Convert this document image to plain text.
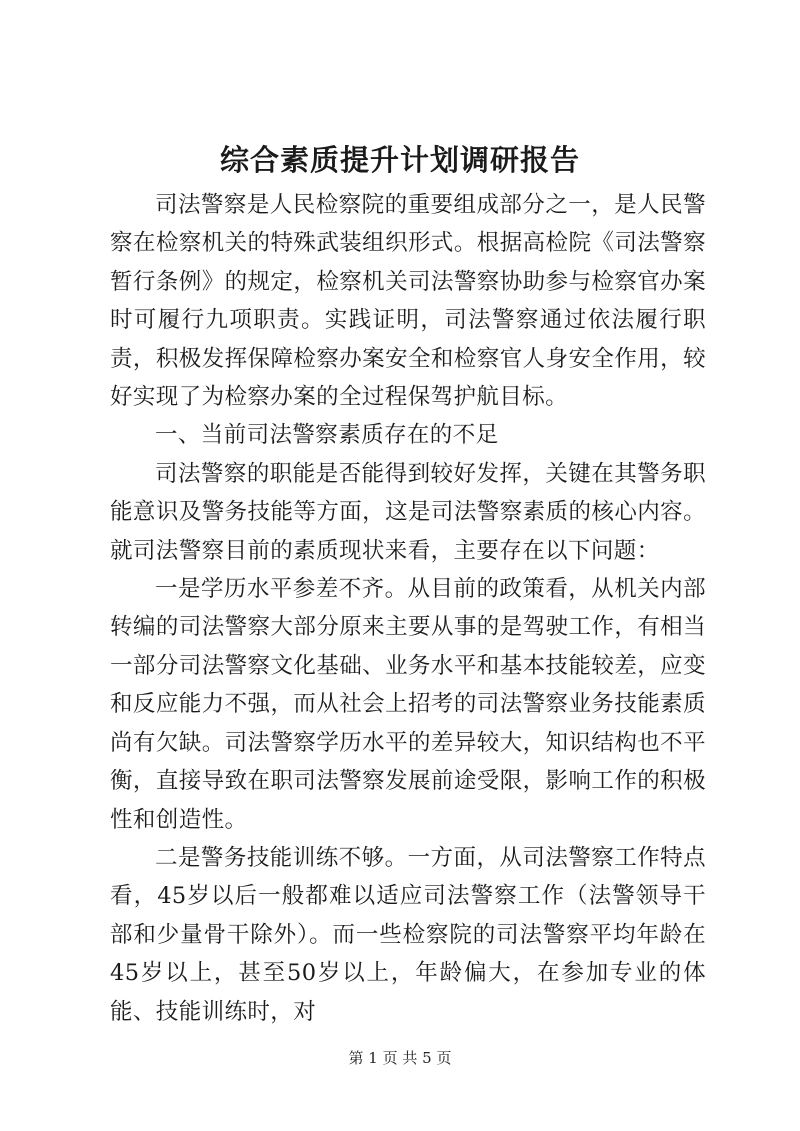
综合素质提升计划调研报告

司法警察是人民检察院的重要组成部分之一，是人民警察在检察机关的特殊武装组织形式。根据高检院《司法警察暂行条例》的规定，检察机关司法警察协助参与检察官办案时可履行九项职责。实践证明，司法警察通过依法履行职责，积极发挥保障检察办案安全和检察官人身安全作用，较好实现了为检察办案的全过程保驾护航目标。

一、当前司法警察素质存在的不足

司法警察的职能是否能得到较好发挥，关键在其警务职能意识及警务技能等方面，这是司法警察素质的核心内容。就司法警察目前的素质现状来看，主要存在以下问题：

一是学历水平参差不齐。从目前的政策看，从机关内部转编的司法警察大部分原来主要从事的是驾驶工作，有相当一部分司法警察文化基础、业务水平和基本技能较差，应变和反应能力不强，而从社会上招考的司法警察业务技能素质尚有欠缺。司法警察学历水平的差异较大，知识结构也不平衡，直接导致在职司法警察发展前途受限，影响工作的积极性和创造性。

二是警务技能训练不够。一方面，从司法警察工作特点看，45岁以后一般都难以适应司法警察工作（法警领导干部和少量骨干除外）。而一些检察院的司法警察平均年龄在45岁以上，甚至50岁以上，年龄偏大，在参加专业的体能、技能训练时，对

第 1 页 共 5 页
